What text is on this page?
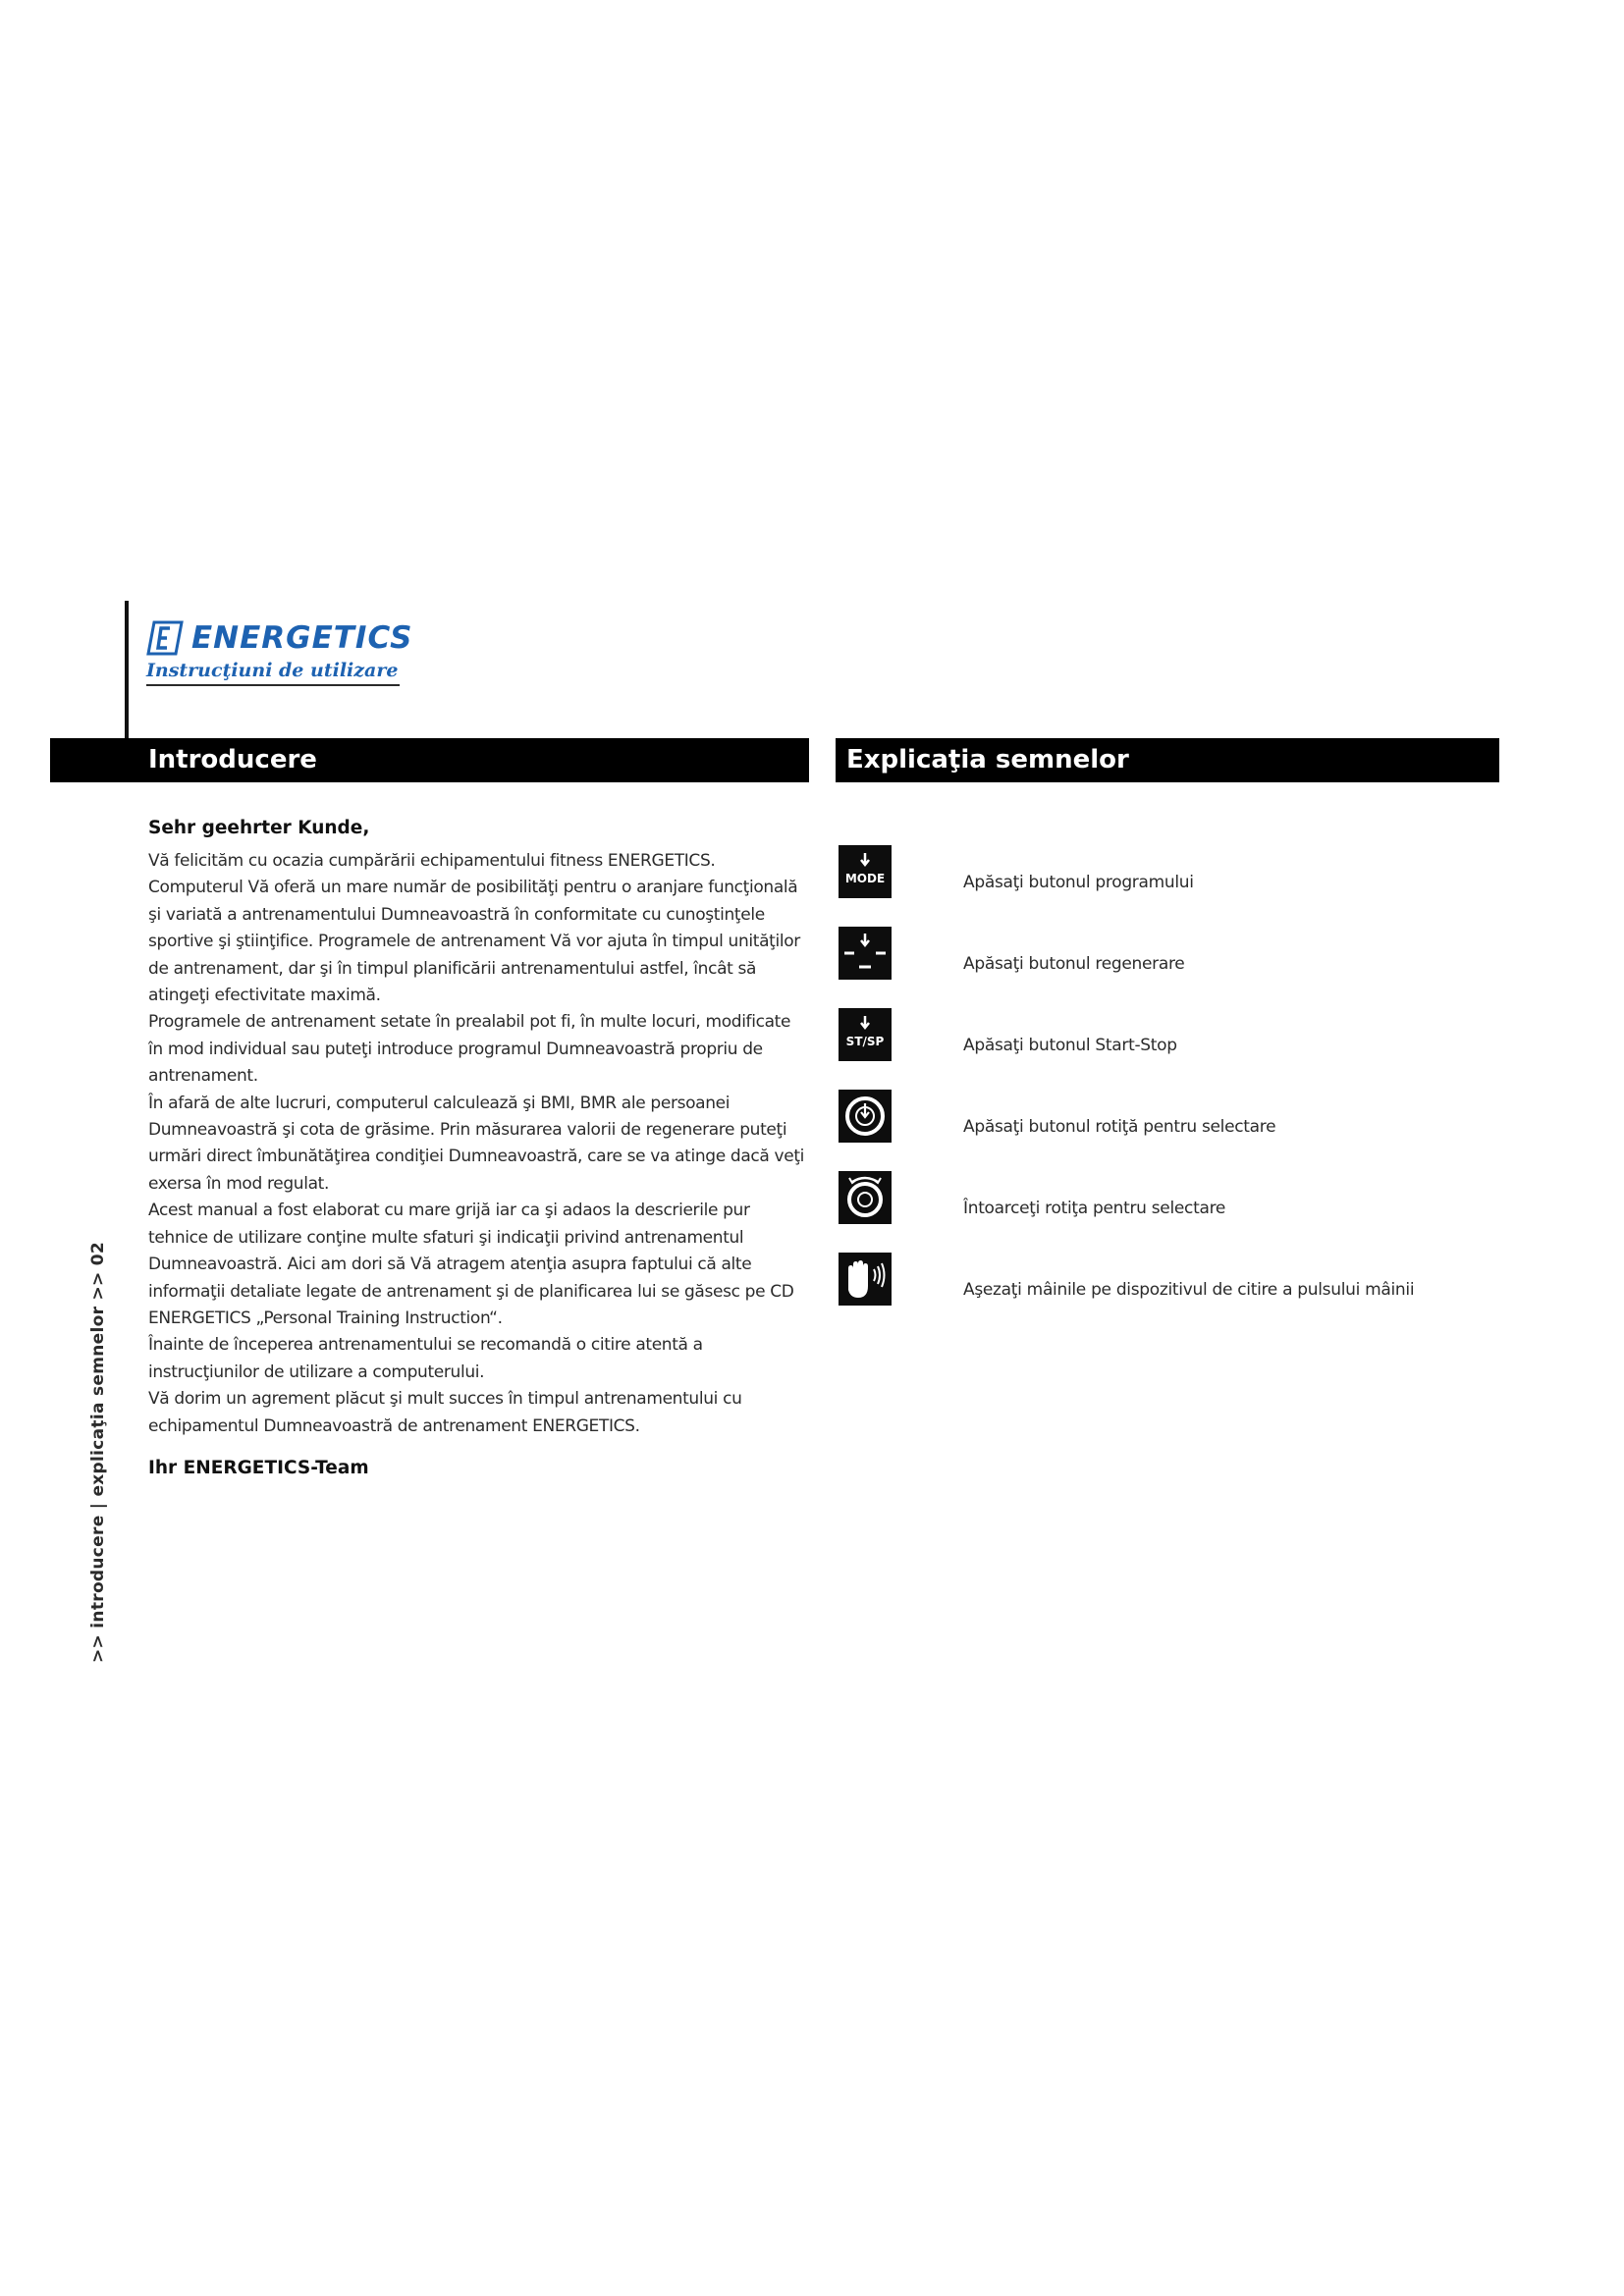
ENERGETICS
Instrucţiuni de utilizare
Introducere	Explicaţia semnelor
Sehr geehrter Kunde,

Vă felicităm cu ocazia cumpărării echipamentului fitness ENERGETICS. Computerul Vă oferă un mare număr de posibilităţi pentru o aranjare funcţională şi variată a antrenamentului Dumneavoastră în conformitate cu cunoştinţele sportive şi ştiinţifice. Programele de antrenament Vă vor ajuta în timpul unităţilor de antrenament, dar şi în timpul planificării antrenamentului astfel, încât să atingeţi efectivitate maximă.

Programele de antrenament setate în prealabil pot fi, în multe locuri, modificate în mod individual sau puteţi introduce programul Dumneavoastră propriu de antrenament.

În afară de alte lucruri, computerul calculează şi BMI, BMR ale persoanei Dumneavoastră şi cota de grăsime. Prin măsurarea valorii de regenerare puteţi urmări direct îmbunătăţirea condiţiei Dumneavoastră, care se va atinge dacă veţi exersa în mod regulat.

Acest manual a fost elaborat cu mare grijă iar ca şi adaos la descrierile pur tehnice de utilizare conţine multe sfaturi şi indicaţii privind antrenamentul Dumneavoastră. Aici am dori să Vă atragem atenţia asupra faptului că alte informaţii detaliate legate de antrenament şi de planificarea lui se găsesc pe CD ENERGETICS „Personal Training Instruction“.

Înainte de începerea antrenamentului se recomandă o citire atentă a instrucţiunilor de utilizare a computerului.

Vă dorim un agrement plăcut şi mult succes în timpul antrenamentului cu echipamentul Dumneavoastră de antrenament ENERGETICS.

Ihr ENERGETICS-Team
MODE	Apăsaţi butonul programului
Apăsaţi butonul regenerare
ST/SP	Apăsaţi butonul Start-Stop
Apăsaţi butonul rotiţă pentru selectare
Întoarceţi rotiţa pentru selectare
Aşezaţi mâinile pe dispozitivul de citire a pulsului mâinii
>> introducere | explicaţia semnelor >> 02
